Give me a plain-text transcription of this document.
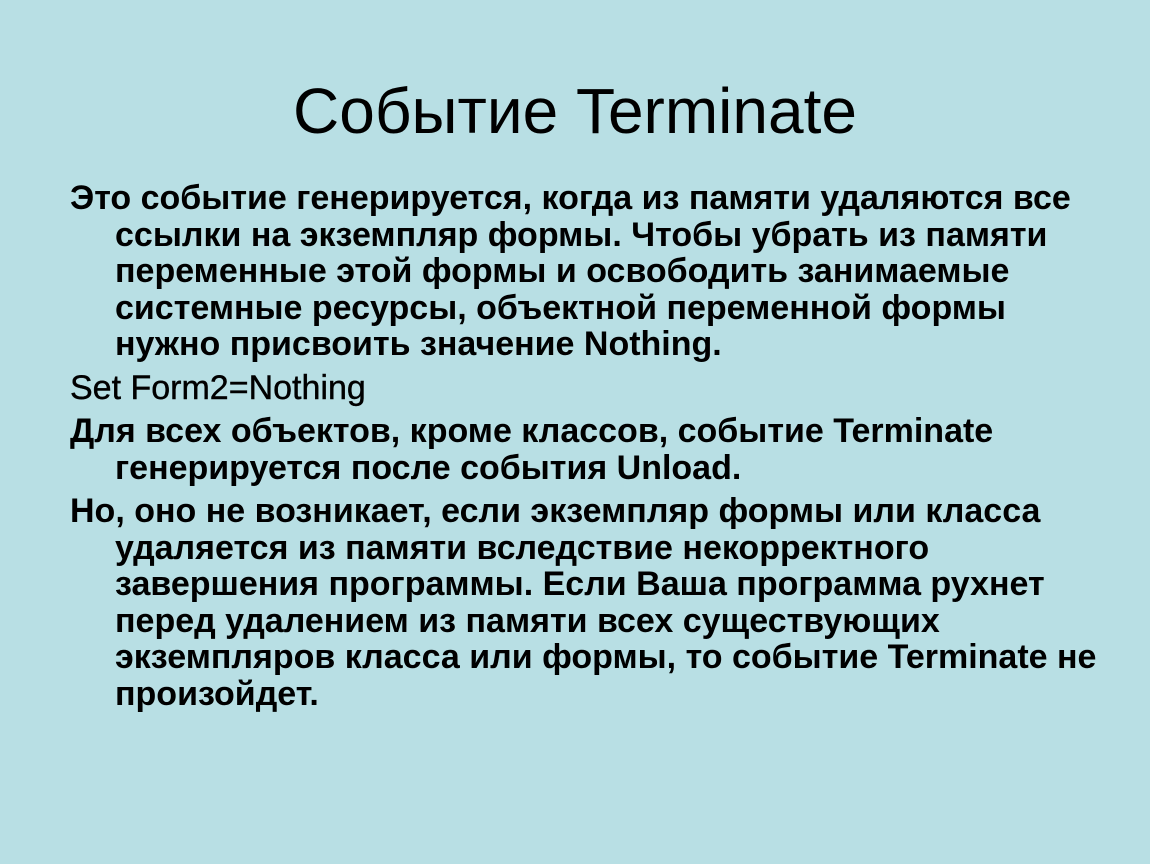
Событие Terminate

Это событие генерируется, когда из памяти удаляются все ссылки на экземпляр формы. Чтобы убрать из памяти переменные этой формы и освободить занимаемые системные ресурсы, объектной переменной формы нужно присвоить значение Nothing.

Set Form2=Nothing

Для всех объектов, кроме классов, событие Terminate генерируется после события Unload.

Но, оно не возникает, если экземпляр формы или класса удаляется из памяти вследствие некорректного завершения программы. Если Ваша программа рухнет перед удалением из памяти всех существующих экземпляров класса или формы, то событие Terminate не произойдет.
